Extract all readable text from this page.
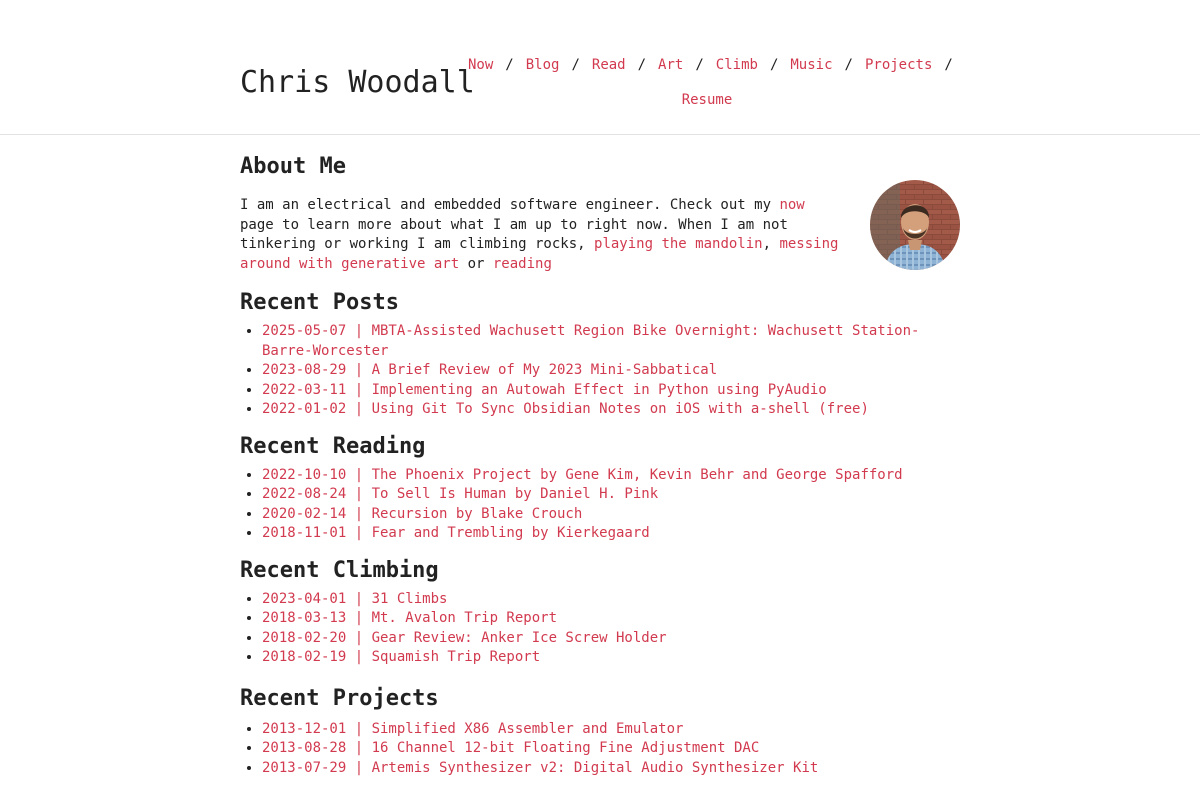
Chris Woodall
Now / Blog / Read / Art / Climb / Music / Projects /
Resume
About Me

I am an electrical and embedded software engineer. Check out my now page to learn more about what I am up to right now. When I am not tinkering or working I am climbing rocks, playing the mandolin, messing around with generative art or reading

Recent Posts
• 2025-05-07 | MBTA-Assisted Wachusett Region Bike Overnight: Wachusett Station-Barre-Worcester
• 2023-08-29 | A Brief Review of My 2023 Mini-Sabbatical
• 2022-03-11 | Implementing an Autowah Effect in Python using PyAudio
• 2022-01-02 | Using Git To Sync Obsidian Notes on iOS with a-shell (free)
Recent Reading
• 2022-10-10 | The Phoenix Project by Gene Kim, Kevin Behr and George Spafford
• 2022-08-24 | To Sell Is Human by Daniel H. Pink
• 2020-02-14 | Recursion by Blake Crouch
• 2018-11-01 | Fear and Trembling by Kierkegaard
Recent Climbing
• 2023-04-01 | 31 Climbs
• 2018-03-13 | Mt. Avalon Trip Report
• 2018-02-20 | Gear Review: Anker Ice Screw Holder
• 2018-02-19 | Squamish Trip Report
Recent Projects
• 2013-12-01 | Simplified X86 Assembler and Emulator
• 2013-08-28 | 16 Channel 12-bit Floating Fine Adjustment DAC
• 2013-07-29 | Artemis Synthesizer v2: Digital Audio Synthesizer Kit
